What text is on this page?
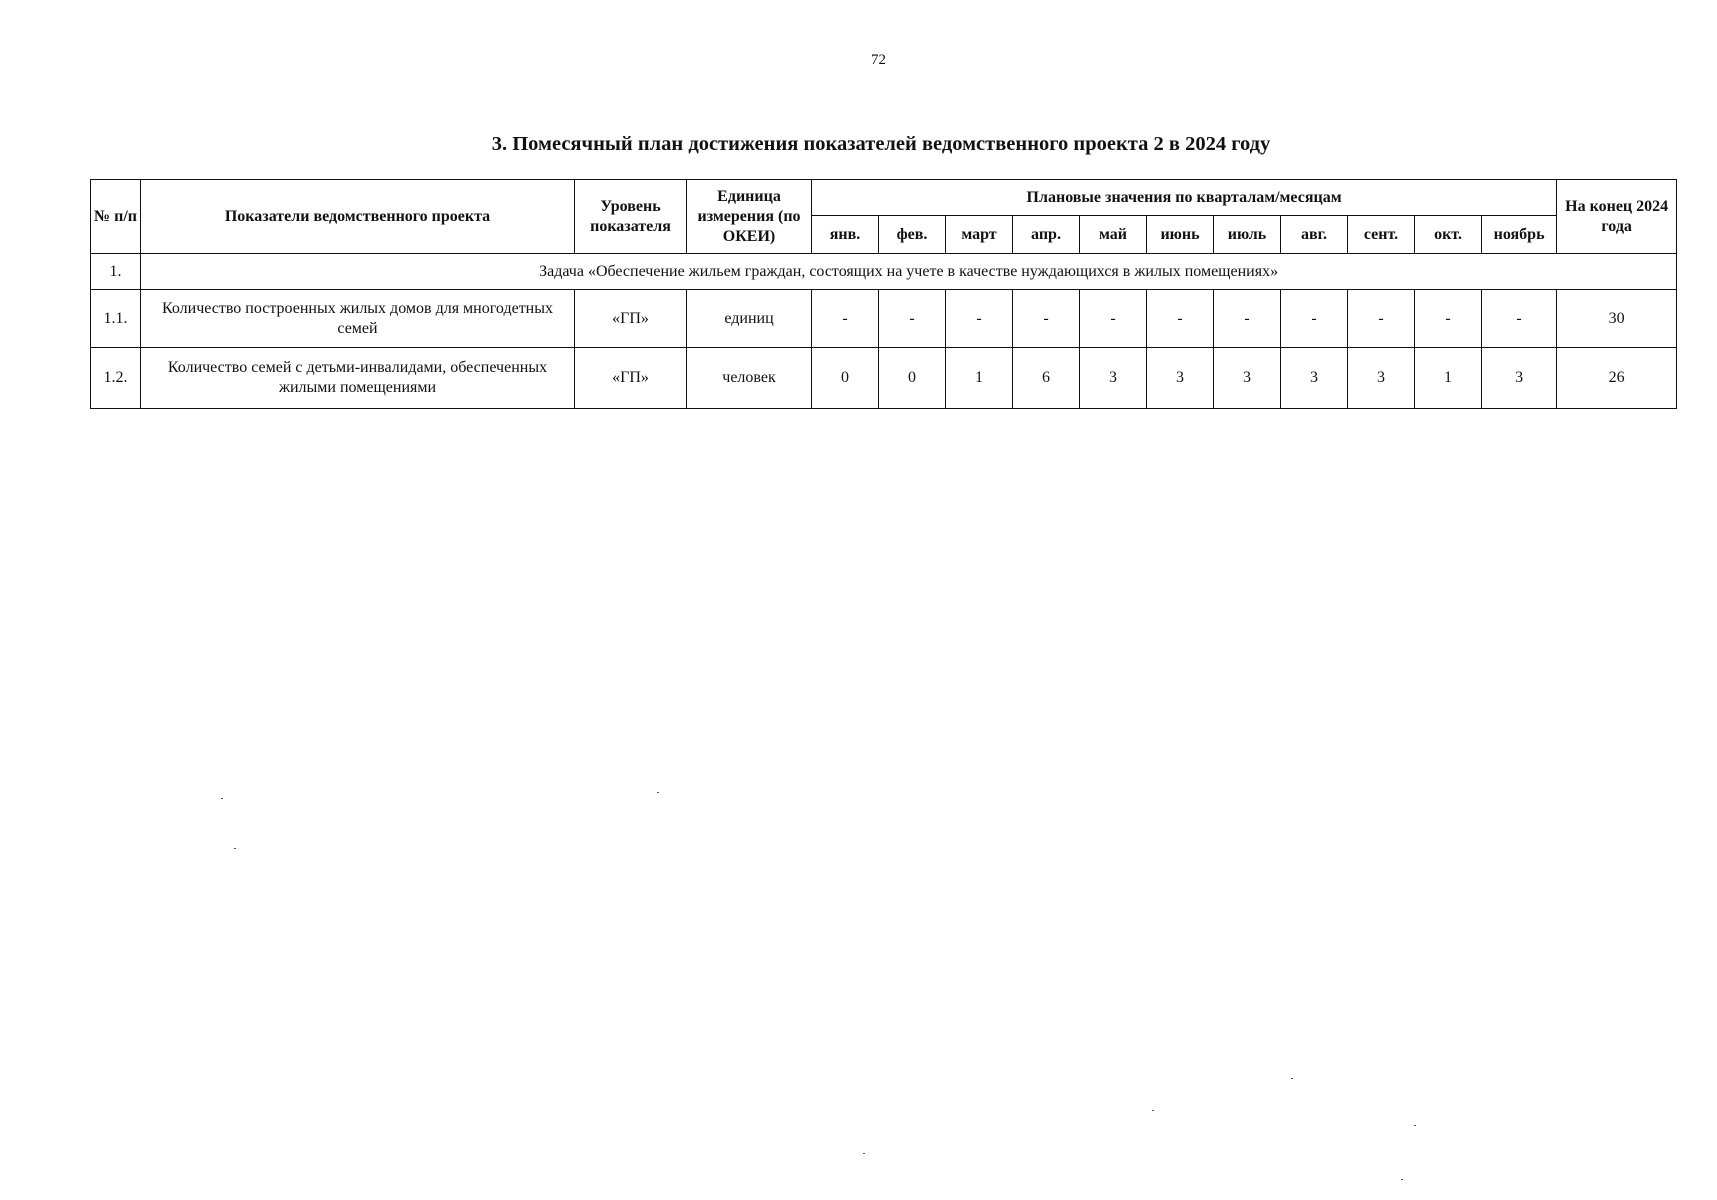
72
3. Помесячный план достижения показателей ведомственного проекта 2 в 2024 году
№ п/п	Показатели ведомственного проекта	Уровень показателя	Единица измерения (по ОКЕИ)	Плановые значения по кварталам/месяцам											На конец 2024 года
				янв.	фев.	март	апр.	май	июнь	июль	авг.	сент.	окт.	ноябрь	
1.	Задача «Обеспечение жильем граждан, состоящих на учете в качестве нуждающихся в жилых помещениях»														
1.1.	Количество построенных жилых домов для многодетных семей	«ГП»	единиц	-	-	-	-	-	-	-	-	-	-	-	30
1.2.	Количество семей с детьми-инвалидами, обеспеченных жилыми помещениями	«ГП»	человек	0	0	1	6	3	3	3	3	3	1	3	26
